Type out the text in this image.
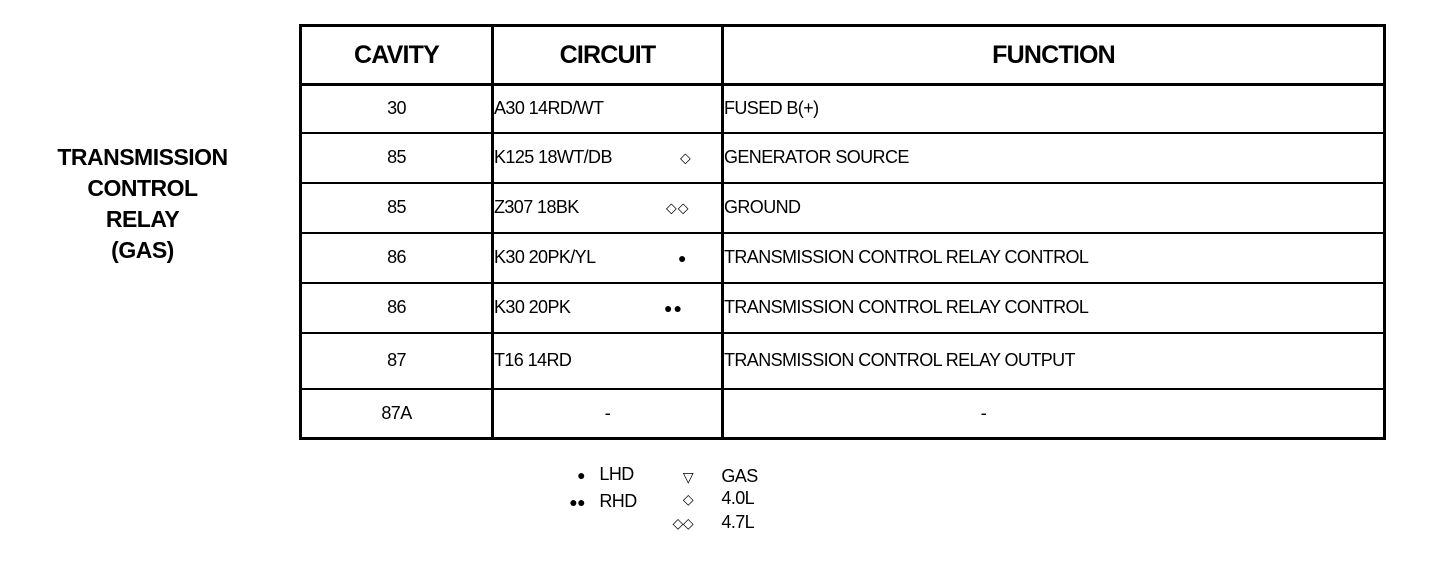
TRANSMISSION
CONTROL
RELAY
(GAS)
CAVITY	CIRCUIT	FUNCTION
30	A30 14RD/WT	FUSED B(+)
85	K125 18WT/DB ◇	GENERATOR SOURCE
85	Z307 18BK ◇◇	GROUND
86	K30 20PK/YL ●	TRANSMISSION CONTROL RELAY CONTROL
86	K30 20PK ●●	TRANSMISSION CONTROL RELAY CONTROL
87	T16 14RD	TRANSMISSION CONTROL RELAY OUTPUT
87A	-	-
● LHD
●● RHD
▽ GAS
◇ 4.0L
◇◇ 4.7L
